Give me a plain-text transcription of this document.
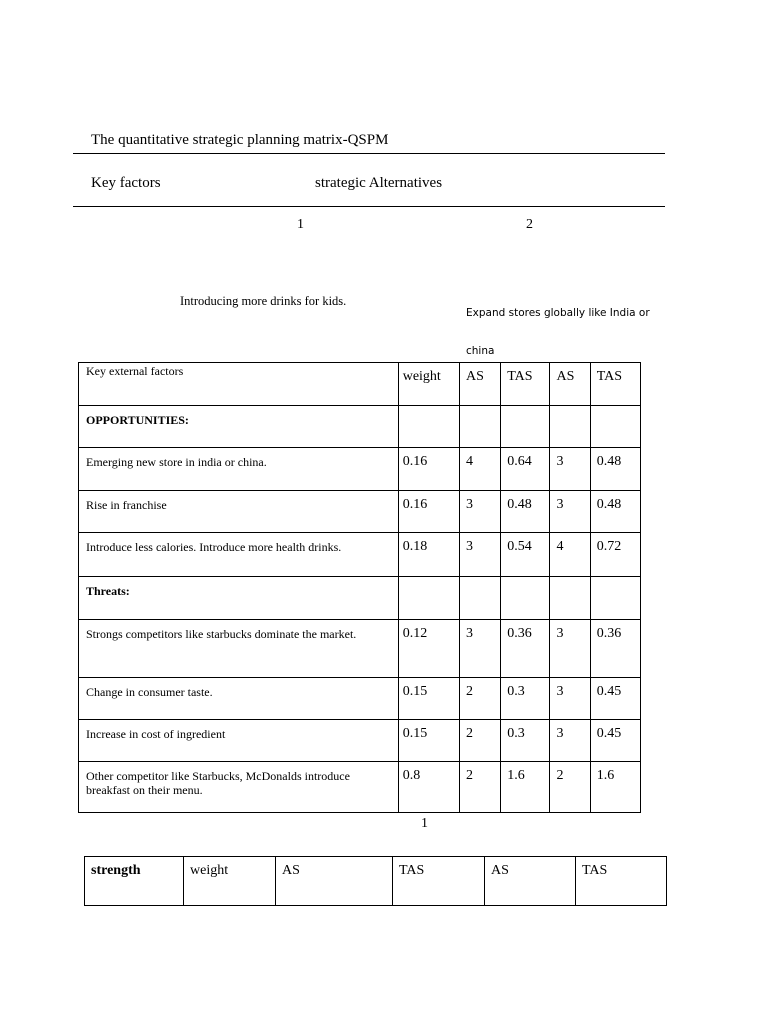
The quantitative strategic planning matrix-QSPM
Key factors	strategic Alternatives
1	2
Introducing more drinks for kids.
Expand stores globally like India or china
Key external factors	weight	AS	TAS	AS	TAS
OPPORTUNITIES:					
Emerging new store in india or china.	0.16	4	0.64	3	0.48
Rise in franchise	0.16	3	0.48	3	0.48
Introduce less calories. Introduce more health drinks.	0.18	3	0.54	4	0.72
Threats:					
Strongs competitors like starbucks dominate the market.	0.12	3	0.36	3	0.36
Change in consumer taste.	0.15	2	0.3	3	0.45
Increase in cost of ingredient	0.15	2	0.3	3	0.45
Other competitor like Starbucks, McDonalds introduce breakfast on their menu.	0.8	2	1.6	2	1.6
1
strength	weight	AS	TAS	AS	TAS
